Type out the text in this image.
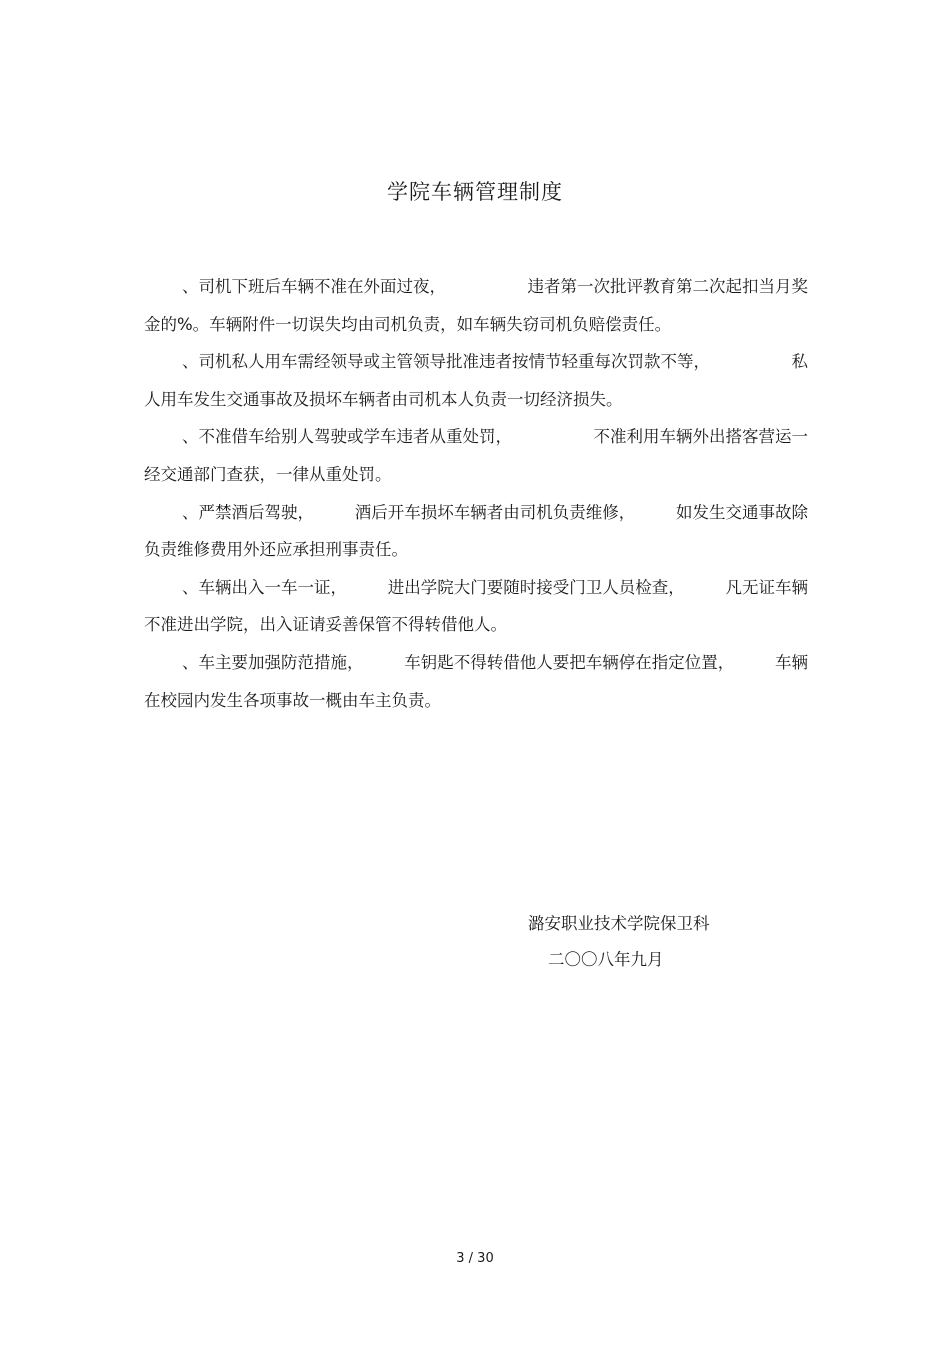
学院车辆管理制度
、司机下班后车辆不准在外面过夜，	违者第一次批评教育第二次起扣当月奖
金的%。车辆附件一切误失均由司机负责，如车辆失窃司机负赔偿责任。
、司机私人用车需经领导或主管领导批准违者按情节轻重每次罚款不等，	私
人用车发生交通事故及损坏车辆者由司机本人负责一切经济损失。
、不准借车给别人驾驶或学车违者从重处罚，	不准利用车辆外出搭客营运一
经交通部门查获，一律从重处罚。
、严禁酒后驾驶， 酒后开车损坏车辆者由司机负责维修， 如发生交通事故除
负责维修费用外还应承担刑事责任。
、车辆出入一车一证， 进出学院大门要随时接受门卫人员检查， 凡无证车辆
不准进出学院，出入证请妥善保管不得转借他人。
、车主要加强防范措施， 车钥匙不得转借他人要把车辆停在指定位置， 车辆
在校园内发生各项事故一概由车主负责。
潞安职业技术学院保卫科
二〇〇八年九月
3 / 30
